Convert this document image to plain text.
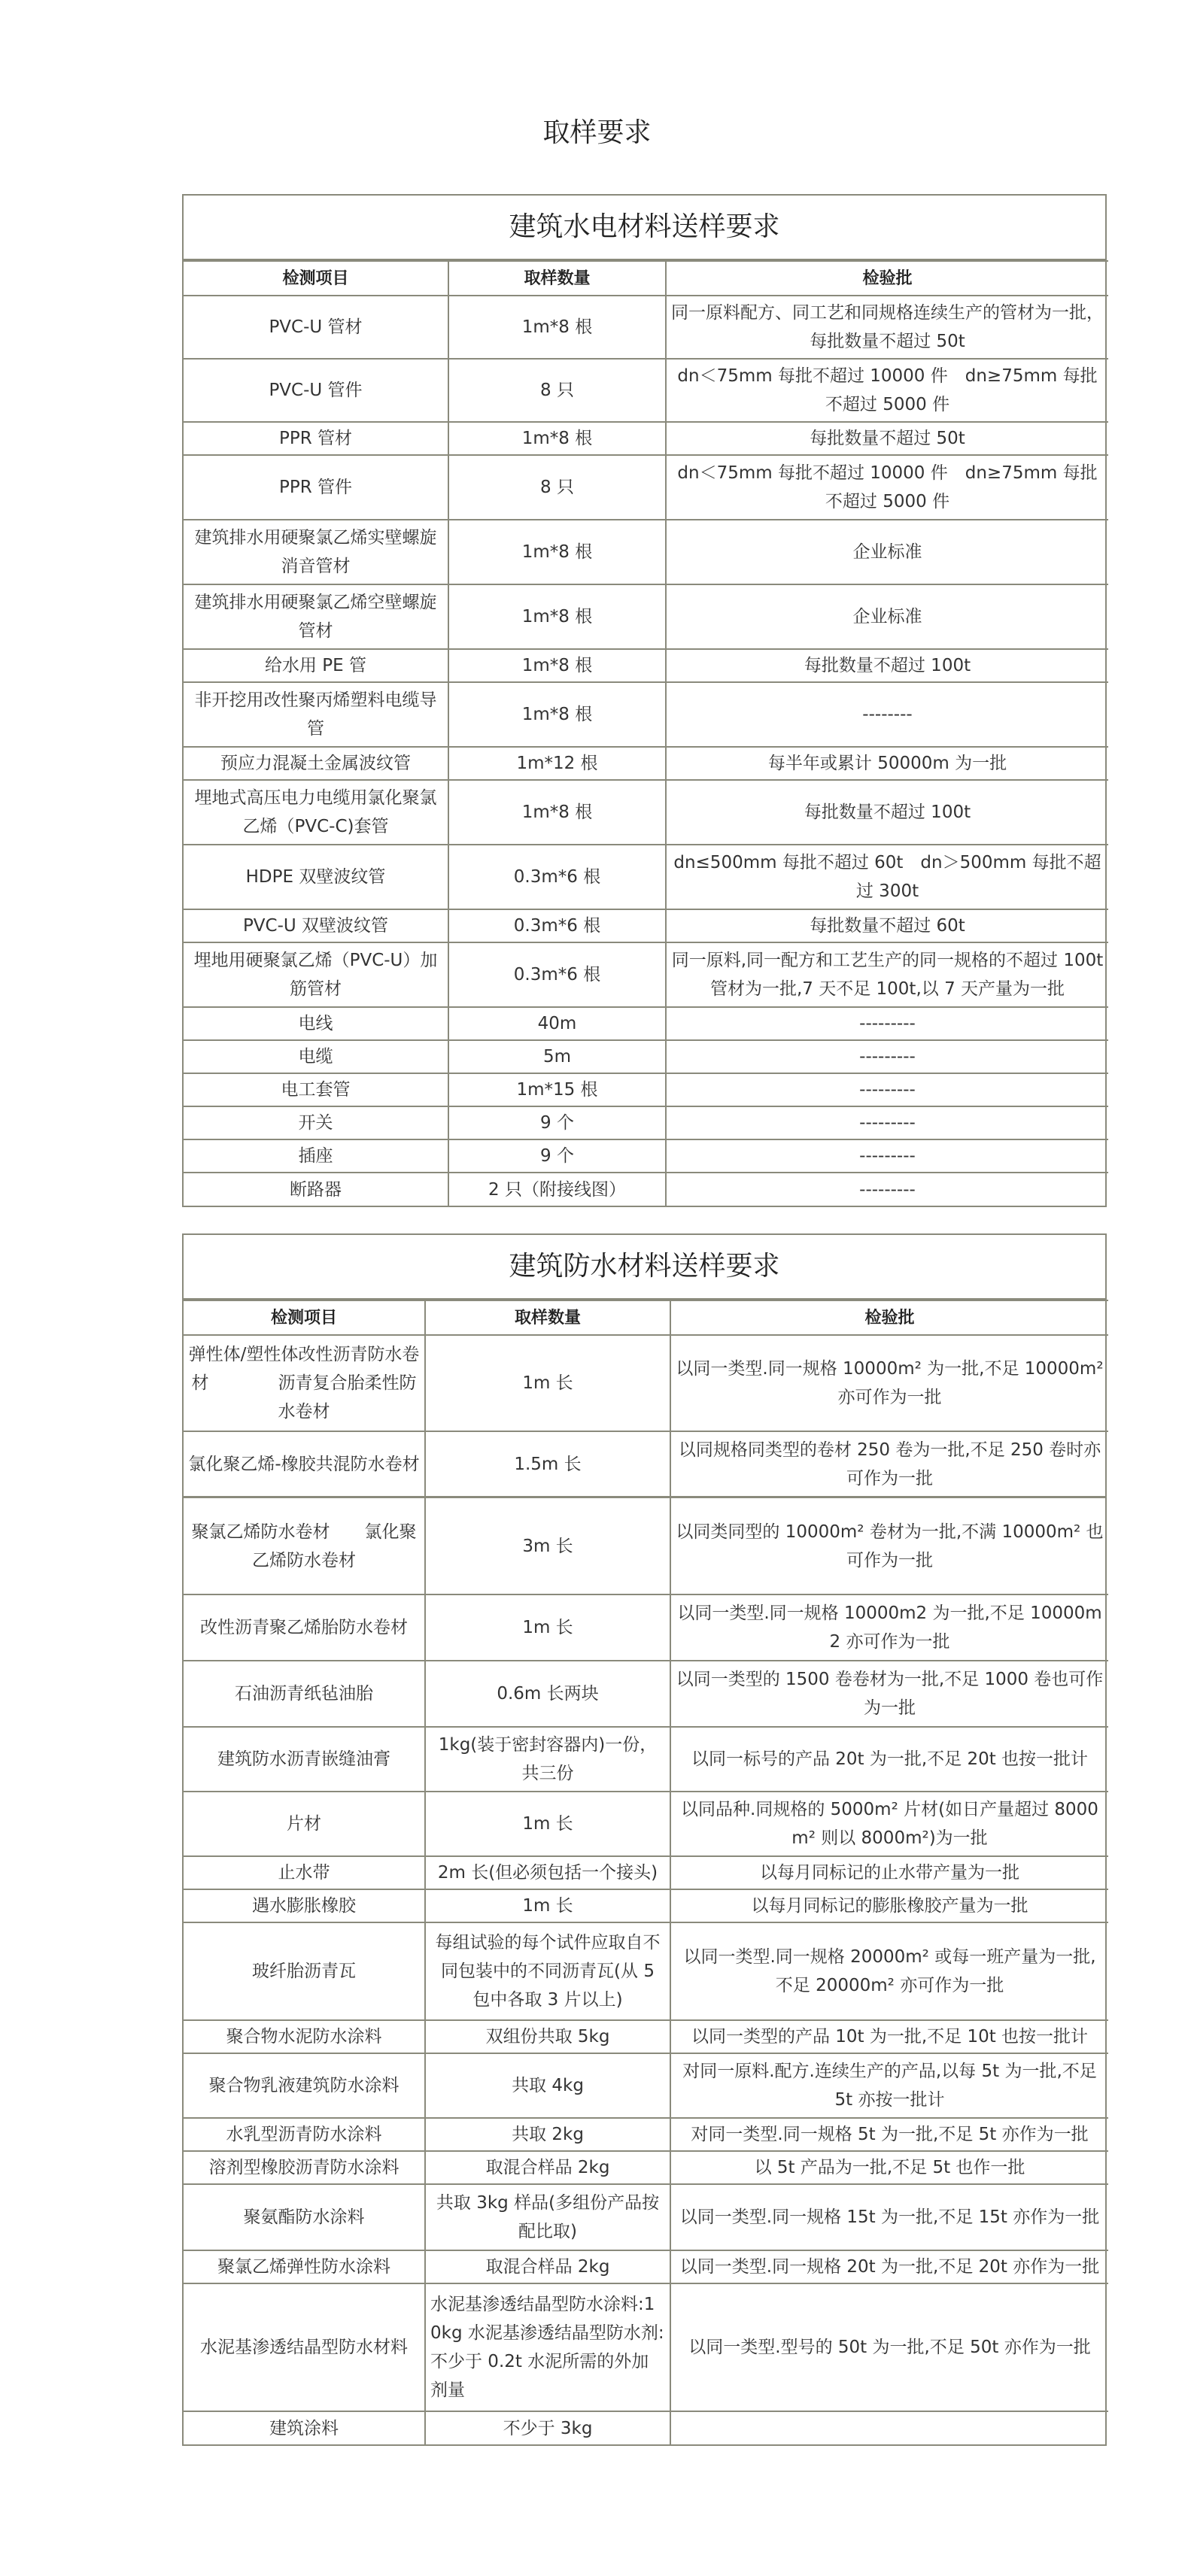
取样要求
建筑水电材料送样要求
检测项目	取样数量	检验批
PVC-U 管材	1m*8 根	同一原料配方、同工艺和同规格连续生产的管材为一批，每批数量不超过 50t
PVC-U 管件	8 只	dn＜75mm 每批不超过 10000 件　dn≥75mm 每批不超过 5000 件
PPR 管材	1m*8 根	每批数量不超过 50t
PPR 管件	8 只	dn＜75mm 每批不超过 10000 件　dn≥75mm 每批不超过 5000 件
建筑排水用硬聚氯乙烯实壁螺旋消音管材	1m*8 根	企业标准
建筑排水用硬聚氯乙烯空壁螺旋管材	1m*8 根	企业标准
给水用 PE 管	1m*8 根	每批数量不超过 100t
非开挖用改性聚丙烯塑料电缆导管	1m*8 根	--------
预应力混凝土金属波纹管	1m*12 根	每半年或累计 50000m 为一批
埋地式高压电力电缆用氯化聚氯乙烯（PVC-C)套管	1m*8 根	每批数量不超过 100t
HDPE 双壁波纹管	0.3m*6 根	dn≤500mm 每批不超过 60t　dn＞500mm 每批不超过 300t
PVC-U 双壁波纹管	0.3m*6 根	每批数量不超过 60t
埋地用硬聚氯乙烯（PVC-U）加筋管材	0.3m*6 根	同一原料,同一配方和工艺生产的同一规格的不超过 100t 管材为一批,7 天不足 100t,以 7 天产量为一批
电线	40m	---------
电缆	5m	---------
电工套管	1m*15 根	---------
开关	9 个	---------
插座	9 个	---------
断路器	2 只（附接线图）	---------
建筑防水材料送样要求
检测项目	取样数量	检验批
弹性体/塑性体改性沥青防水卷材　　　　沥青复合胎柔性防水卷材	1m 长	以同一类型.同一规格 10000m² 为一批,不足 10000m² 亦可作为一批
氯化聚乙烯-橡胶共混防水卷材	1.5m 长	以同规格同类型的卷材 250 卷为一批,不足 250 卷时亦可作为一批
聚氯乙烯防水卷材　　氯化聚乙烯防水卷材	3m 长	以同类同型的 10000m² 卷材为一批,不满 10000m² 也可作为一批
改性沥青聚乙烯胎防水卷材	1m 长	以同一类型.同一规格 10000m2 为一批,不足 10000m2 亦可作为一批
石油沥青纸毡油胎	0.6m 长两块	以同一类型的 1500 卷卷材为一批,不足 1000 卷也可作为一批
建筑防水沥青嵌缝油膏	1kg(装于密封容器内)一份，共三份	以同一标号的产品 20t 为一批,不足 20t 也按一批计
片材	1m 长	以同品种.同规格的 5000m² 片材(如日产量超过 8000m² 则以 8000m²)为一批
止水带	2m 长(但必须包括一个接头)	以每月同标记的止水带产量为一批
遇水膨胀橡胶	1m 长	以每月同标记的膨胀橡胶产量为一批
玻纤胎沥青瓦	每组试验的每个试件应取自不同包装中的不同沥青瓦(从 5 包中各取 3 片以上)	以同一类型.同一规格 20000m² 或每一班产量为一批,不足 20000m² 亦可作为一批
聚合物水泥防水涂料	双组份共取 5kg	以同一类型的产品 10t 为一批,不足 10t 也按一批计
聚合物乳液建筑防水涂料	共取 4kg	对同一原料.配方.连续生产的产品,以每 5t 为一批,不足 5t 亦按一批计
水乳型沥青防水涂料	共取 2kg	对同一类型.同一规格 5t 为一批,不足 5t 亦作为一批
溶剂型橡胶沥青防水涂料	取混合样品 2kg	以 5t 产品为一批,不足 5t 也作一批
聚氨酯防水涂料	共取 3kg 样品(多组份产品按配比取)	以同一类型.同一规格 15t 为一批,不足 15t 亦作为一批
聚氯乙烯弹性防水涂料	取混合样品 2kg	以同一类型.同一规格 20t 为一批,不足 20t 亦作为一批
水泥基渗透结晶型防水材料	水泥基渗透结晶型防水涂料:10kg 水泥基渗透结晶型防水剂:不少于 0.2t 水泥所需的外加剂量	以同一类型.型号的 50t 为一批,不足 50t 亦作为一批
建筑涂料	不少于 3kg	
